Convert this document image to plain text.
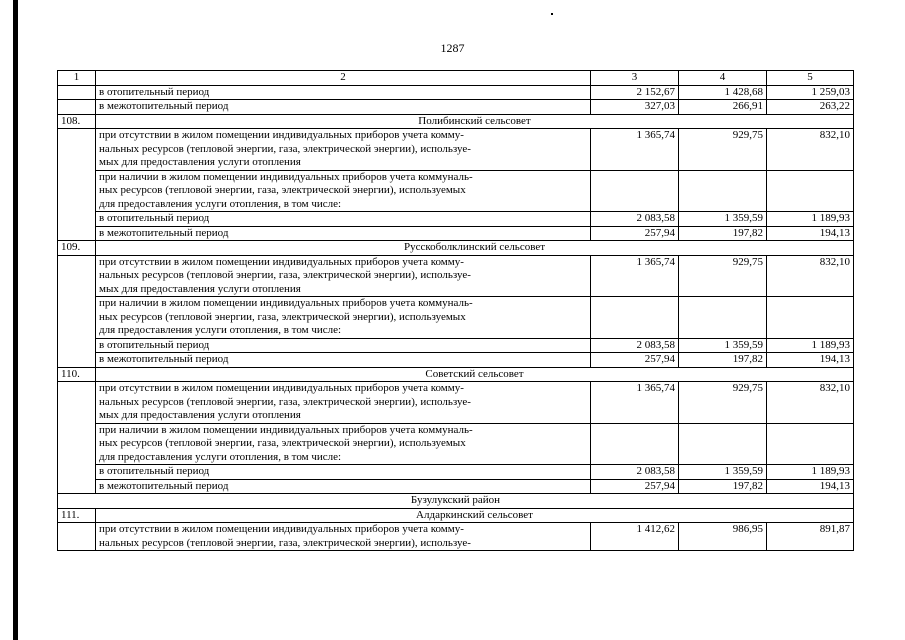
1287
1	2	3	4	5
	в отопительный период	2 152,67	1 428,68	1 259,03
	в межотопительный период	327,03	266,91	263,22
108.	Полибинский сельсовет			

	при отсутствии в жилом помещении индивидуальных приборов учета комму-
нальных ресурсов (тепловой энергии, газа, электрической энергии), используе-
мых для предоставления услуги отопления	1 365,74	929,75	832,10

	при наличии в жилом помещении индивидуальных приборов учета коммуналь-
ных ресурсов (тепловой энергии, газа, электрической энергии), используемых
для предоставления услуги отопления, в том числе:			

	в отопительный период	2 083,58	1 359,59	1 189,93
	в межотопительный период	257,94	197,82	194,13
109.	Русскоболклинский сельсовет			

	при отсутствии в жилом помещении индивидуальных приборов учета комму-
нальных ресурсов (тепловой энергии, газа, электрической энергии), используе-
мых для предоставления услуги отопления	1 365,74	929,75	832,10

	при наличии в жилом помещении индивидуальных приборов учета коммуналь-
ных ресурсов (тепловой энергии, газа, электрической энергии), используемых
для предоставления услуги отопления, в том числе:			

	в отопительный период	2 083,58	1 359,59	1 189,93
	в межотопительный период	257,94	197,82	194,13
110.	Советский сельсовет			

	при отсутствии в жилом помещении индивидуальных приборов учета комму-
нальных ресурсов (тепловой энергии, газа, электрической энергии), используе-
мых для предоставления услуги отопления	1 365,74	929,75	832,10

	при наличии в жилом помещении индивидуальных приборов учета коммуналь-
ных ресурсов (тепловой энергии, газа, электрической энергии), используемых
для предоставления услуги отопления, в том числе:			

	в отопительный период	2 083,58	1 359,59	1 189,93
	в межотопительный период	257,94	197,82	194,13
Бузулукский район				
111.	Алдаркинский сельсовет			

	при отсутствии в жилом помещении индивидуальных приборов учета комму-
нальных ресурсов (тепловой энергии, газа, электрической энергии), используе-	1 412,62	986,95	891,87
